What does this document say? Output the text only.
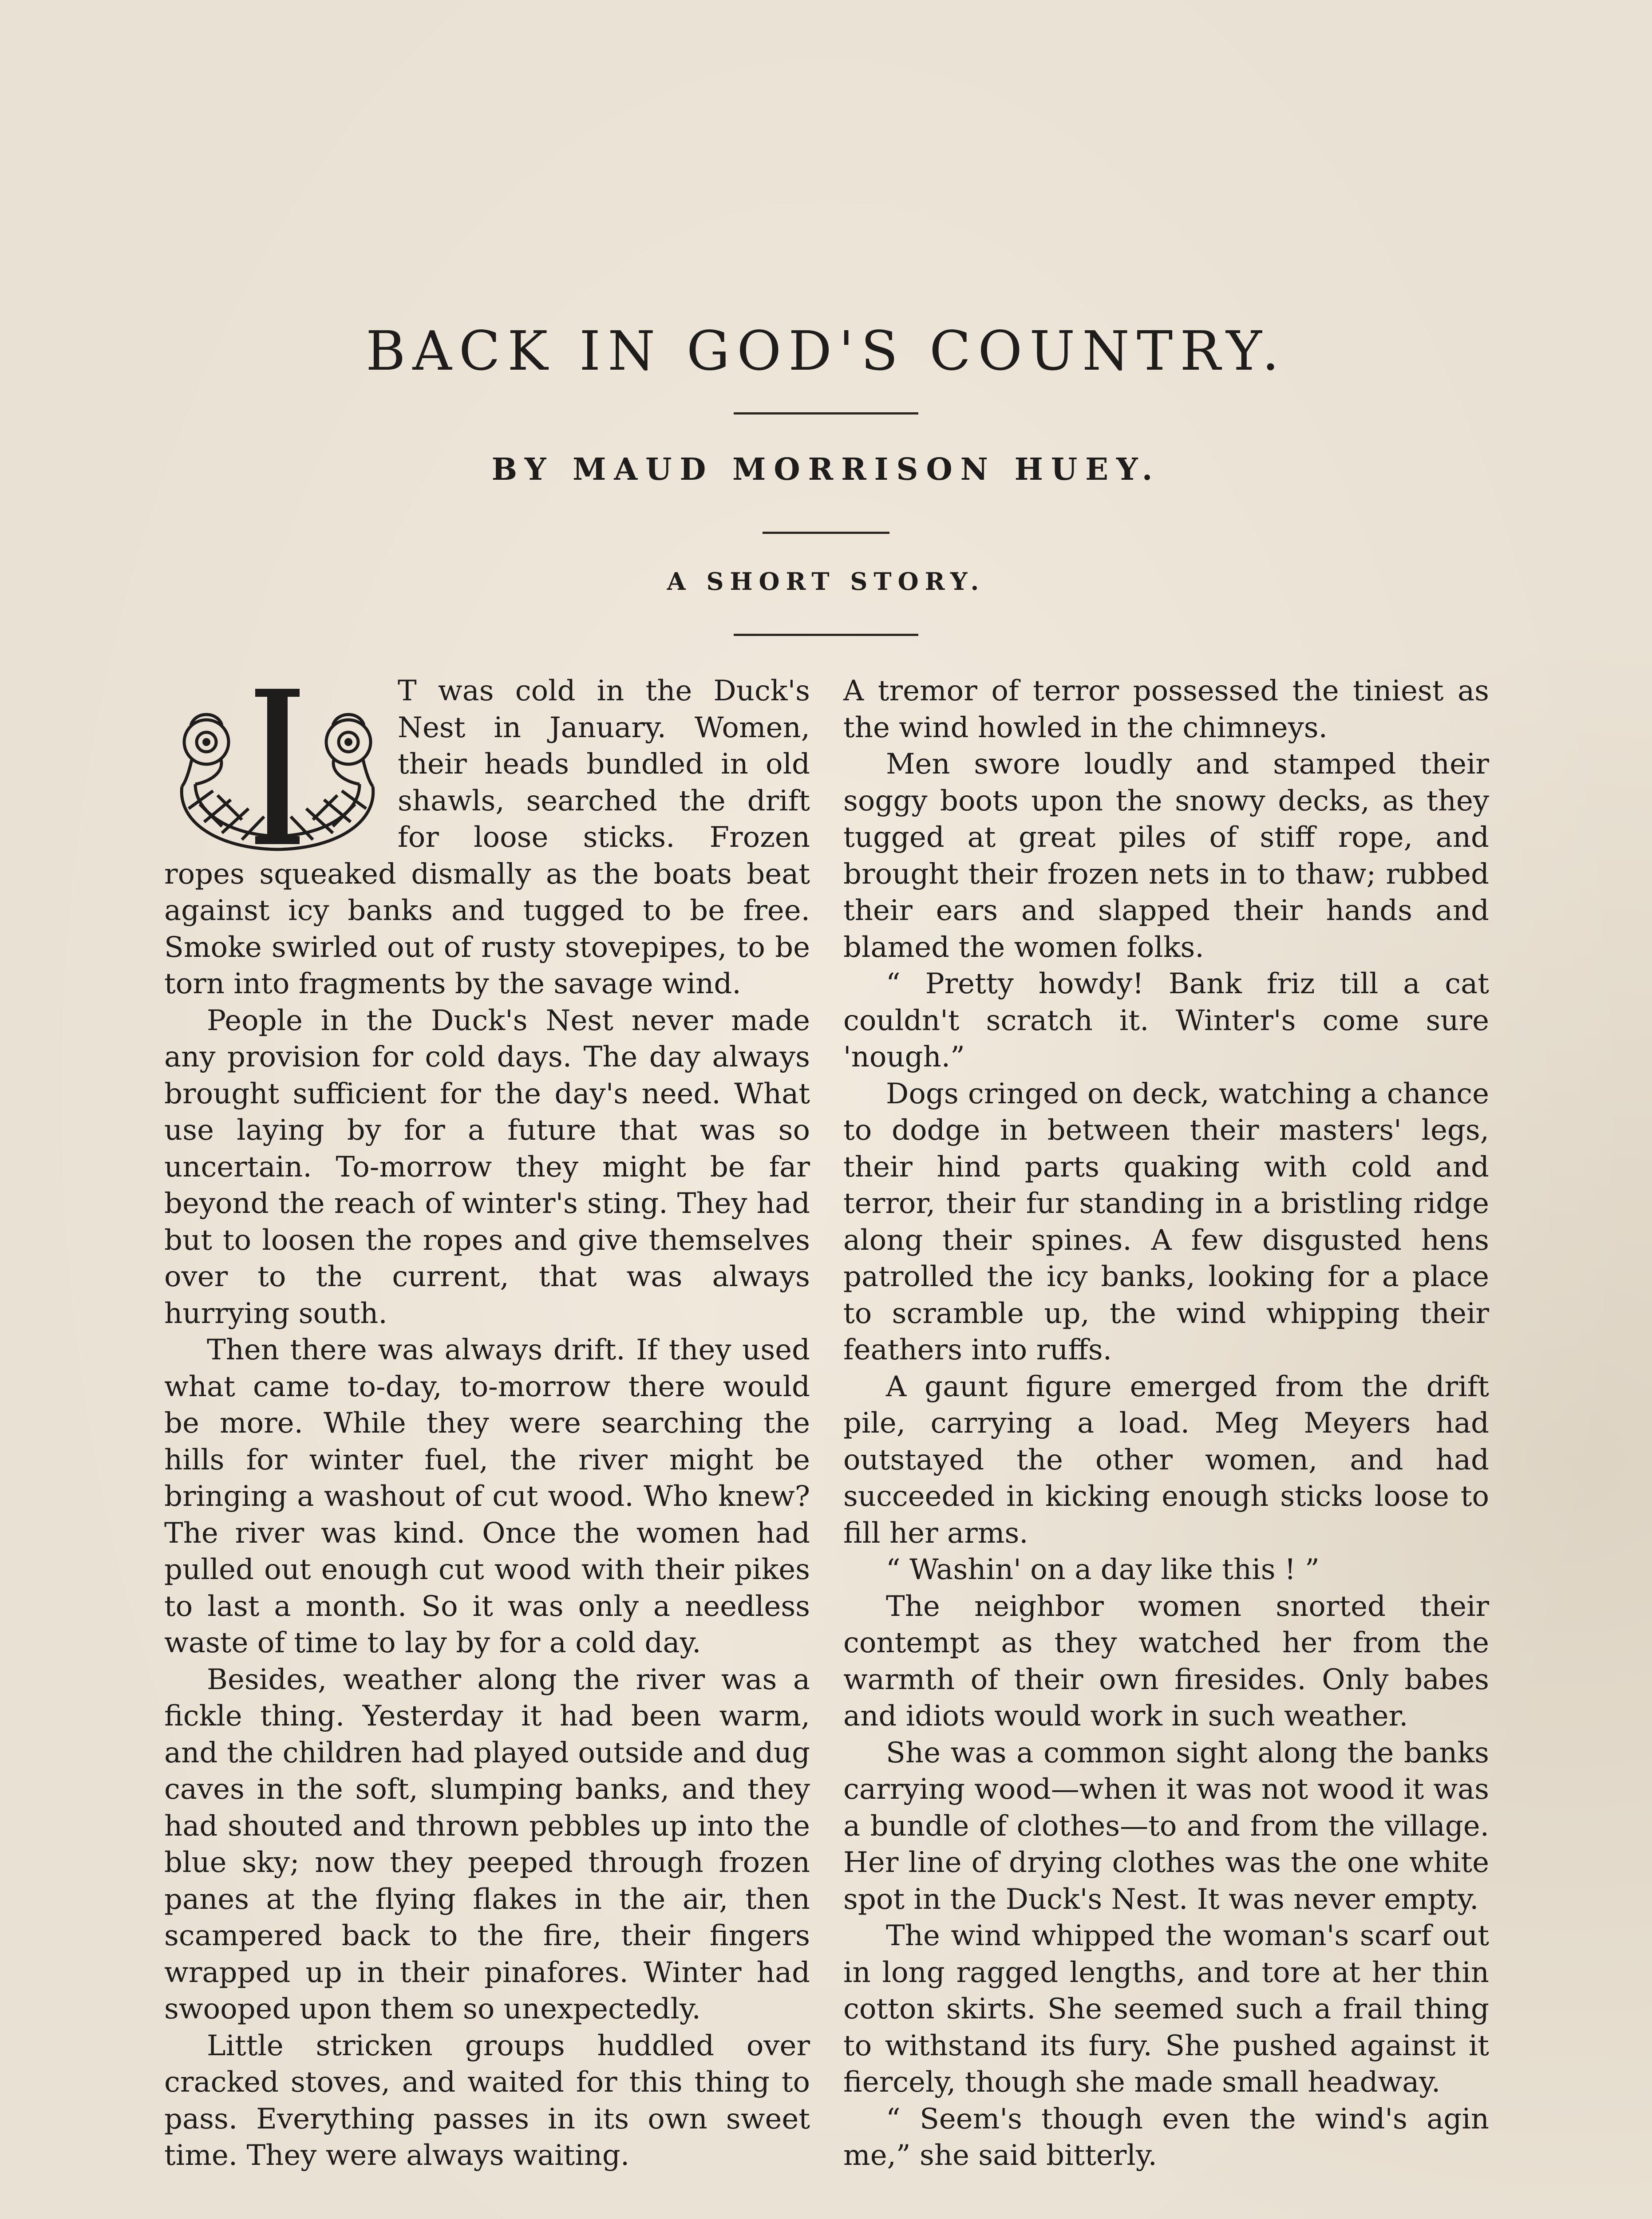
BACK IN GOD'S COUNTRY.
BY MAUD MORRISON HUEY.
A SHORT STORY.

T was cold in the Duck's Nest in January. Women, their heads bundled in old shawls, searched the drift for loose sticks. Frozen ropes squeaked dismally as the boats beat against icy banks and tugged to be free. Smoke swirled out of rusty stovepipes, to be torn into fragments by the savage wind.

People in the Duck's Nest never made any provision for cold days. The day always brought sufficient for the day's need. What use laying by for a future that was so uncertain. To-morrow they might be far beyond the reach of winter's sting. They had but to loosen the ropes and give themselves over to the current, that was always hurrying south.

Then there was always drift. If they used what came to-day, to-morrow there would be more. While they were searching the hills for winter fuel, the river might be bringing a washout of cut wood. Who knew? The river was kind. Once the women had pulled out enough cut wood with their pikes to last a month. So it was only a needless waste of time to lay by for a cold day.

Besides, weather along the river was a fickle thing. Yesterday it had been warm, and the children had played outside and dug caves in the soft, slumping banks, and they had shouted and thrown pebbles up into the blue sky; now they peeped through frozen panes at the flying flakes in the air, then scampered back to the fire, their fingers wrapped up in their pinafores. Winter had swooped upon them so unexpectedly.

Little stricken groups huddled over cracked stoves, and waited for this thing to pass. Everything passes in its own sweet time. They were always waiting.

A tremor of terror possessed the tiniest as the wind howled in the chimneys.

Men swore loudly and stamped their soggy boots upon the snowy decks, as they tugged at great piles of stiff rope, and brought their frozen nets in to thaw; rubbed their ears and slapped their hands and blamed the women folks.

“ Pretty howdy! Bank friz till a cat couldn't scratch it. Winter's come sure 'nough.”

Dogs cringed on deck, watching a chance to dodge in between their masters' legs, their hind parts quaking with cold and terror, their fur standing in a bristling ridge along their spines. A few disgusted hens patrolled the icy banks, looking for a place to scramble up, the wind whipping their feathers into ruffs.

A gaunt figure emerged from the drift pile, carrying a load. Meg Meyers had outstayed the other women, and had succeeded in kicking enough sticks loose to fill her arms.

“ Washin' on a day like this ! ”

The neighbor women snorted their contempt as they watched her from the warmth of their own firesides. Only babes and idiots would work in such weather.

She was a common sight along the banks carrying wood—when it was not wood it was a bundle of clothes—to and from the village. Her line of drying clothes was the one white spot in the Duck's Nest. It was never empty.

The wind whipped the woman's scarf out in long ragged lengths, and tore at her thin cotton skirts. She seemed such a frail thing to withstand its fury. She pushed against it fiercely, though she made small headway.

“ Seem's though even the wind's agin me,” she said bitterly.
